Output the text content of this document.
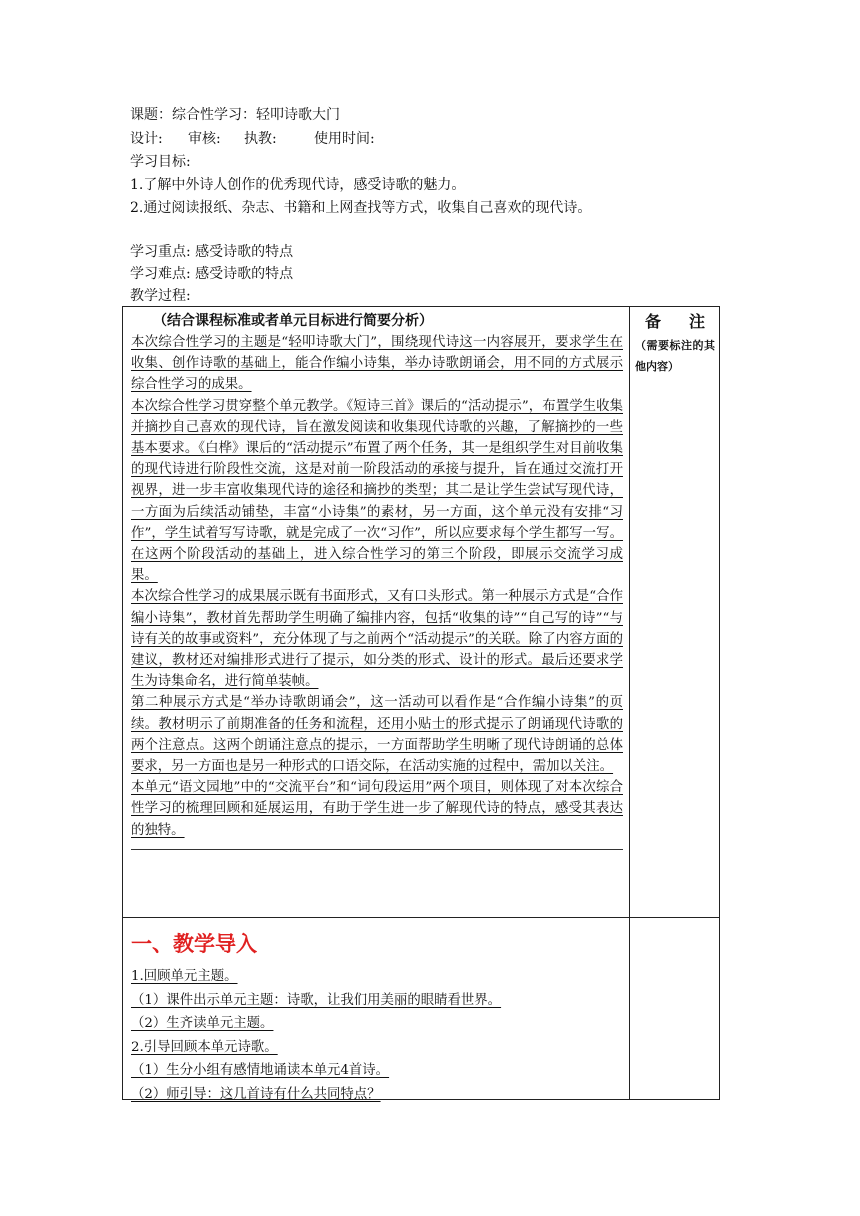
课题：综合性学习：轻叩诗歌大门
设计: 审核: 执教:	使用时间:
学习目标:
1.了解中外诗人创作的优秀现代诗，感受诗歌的魅力。
2.通过阅读报纸、杂志、书籍和上网查找等方式，收集自己喜欢的现代诗。
学习重点: 感受诗歌的特点
学习难点: 感受诗歌的特点
教学过程:
（结合课程标准或者单元目标进行简要分析）
本次综合性学习的主题是“轻叩诗歌大门”，围绕现代诗这一内容展开，要求学生在收集、创作诗歌的基础上，能合作编小诗集，举办诗歌朗诵会，用不同的方式展示综合性学习的成果。
本次综合性学习贯穿整个单元教学。《短诗三首》课后的“活动提示”，布置学生收集并摘抄自己喜欢的现代诗，旨在激发阅读和收集现代诗歌的兴趣，了解摘抄的一些基本要求。《白桦》课后的“活动提示”布置了两个任务，其一是组织学生对目前收集的现代诗进行阶段性交流，这是对前一阶段活动的承接与提升，旨在通过交流打开视界，进一步丰富收集现代诗的途径和摘抄的类型；其二是让学生尝试写现代诗，一方面为后续活动铺垫，丰富“小诗集”的素材，另一方面，这个单元没有安排“习作”，学生试着写写诗歌，就是完成了一次“习作”，所以应要求每个学生都写一写。在这两个阶段活动的基础上，进入综合性学习的第三个阶段，即展示交流学习成果。
本次综合性学习的成果展示既有书面形式，又有口头形式。第一种展示方式是“合作编小诗集”，教材首先帮助学生明确了编排内容，包括“收集的诗”“自己写的诗”“与诗有关的故事或资料”，充分体现了与之前两个“活动提示”的关联。除了内容方面的建议，教材还对编排形式进行了提示，如分类的形式、设计的形式。最后还要求学生为诗集命名，进行简单装帧。
第二种展示方式是“举办诗歌朗诵会”，这一活动可以看作是“合作编小诗集”的页续。教材明示了前期准备的任务和流程，还用小贴士的形式提示了朗诵现代诗歌的两个注意点。这两个朗诵注意点的提示，一方面帮助学生明晰了现代诗朗诵的总体要求，另一方面也是另一种形式的口语交际，在活动实施的过程中，需加以关注。
本单元“语文园地”中的“交流平台”和“词句段运用”两个项目，则体现了对本次综合性学习的梳理回顾和延展运用，有助于学生进一步了解现代诗的特点，感受其表达的独特。
备注
（需要标注的其他内容）
一、教学导入
1.回顾单元主题。
（1）课件出示单元主题：诗歌，让我们用美丽的眼睛看世界。
（2）生齐读单元主题。
2.引导回顾本单元诗歌。
（1）生分小组有感情地诵读本单元4首诗。
（2）师引导：这几首诗有什么共同特点？
